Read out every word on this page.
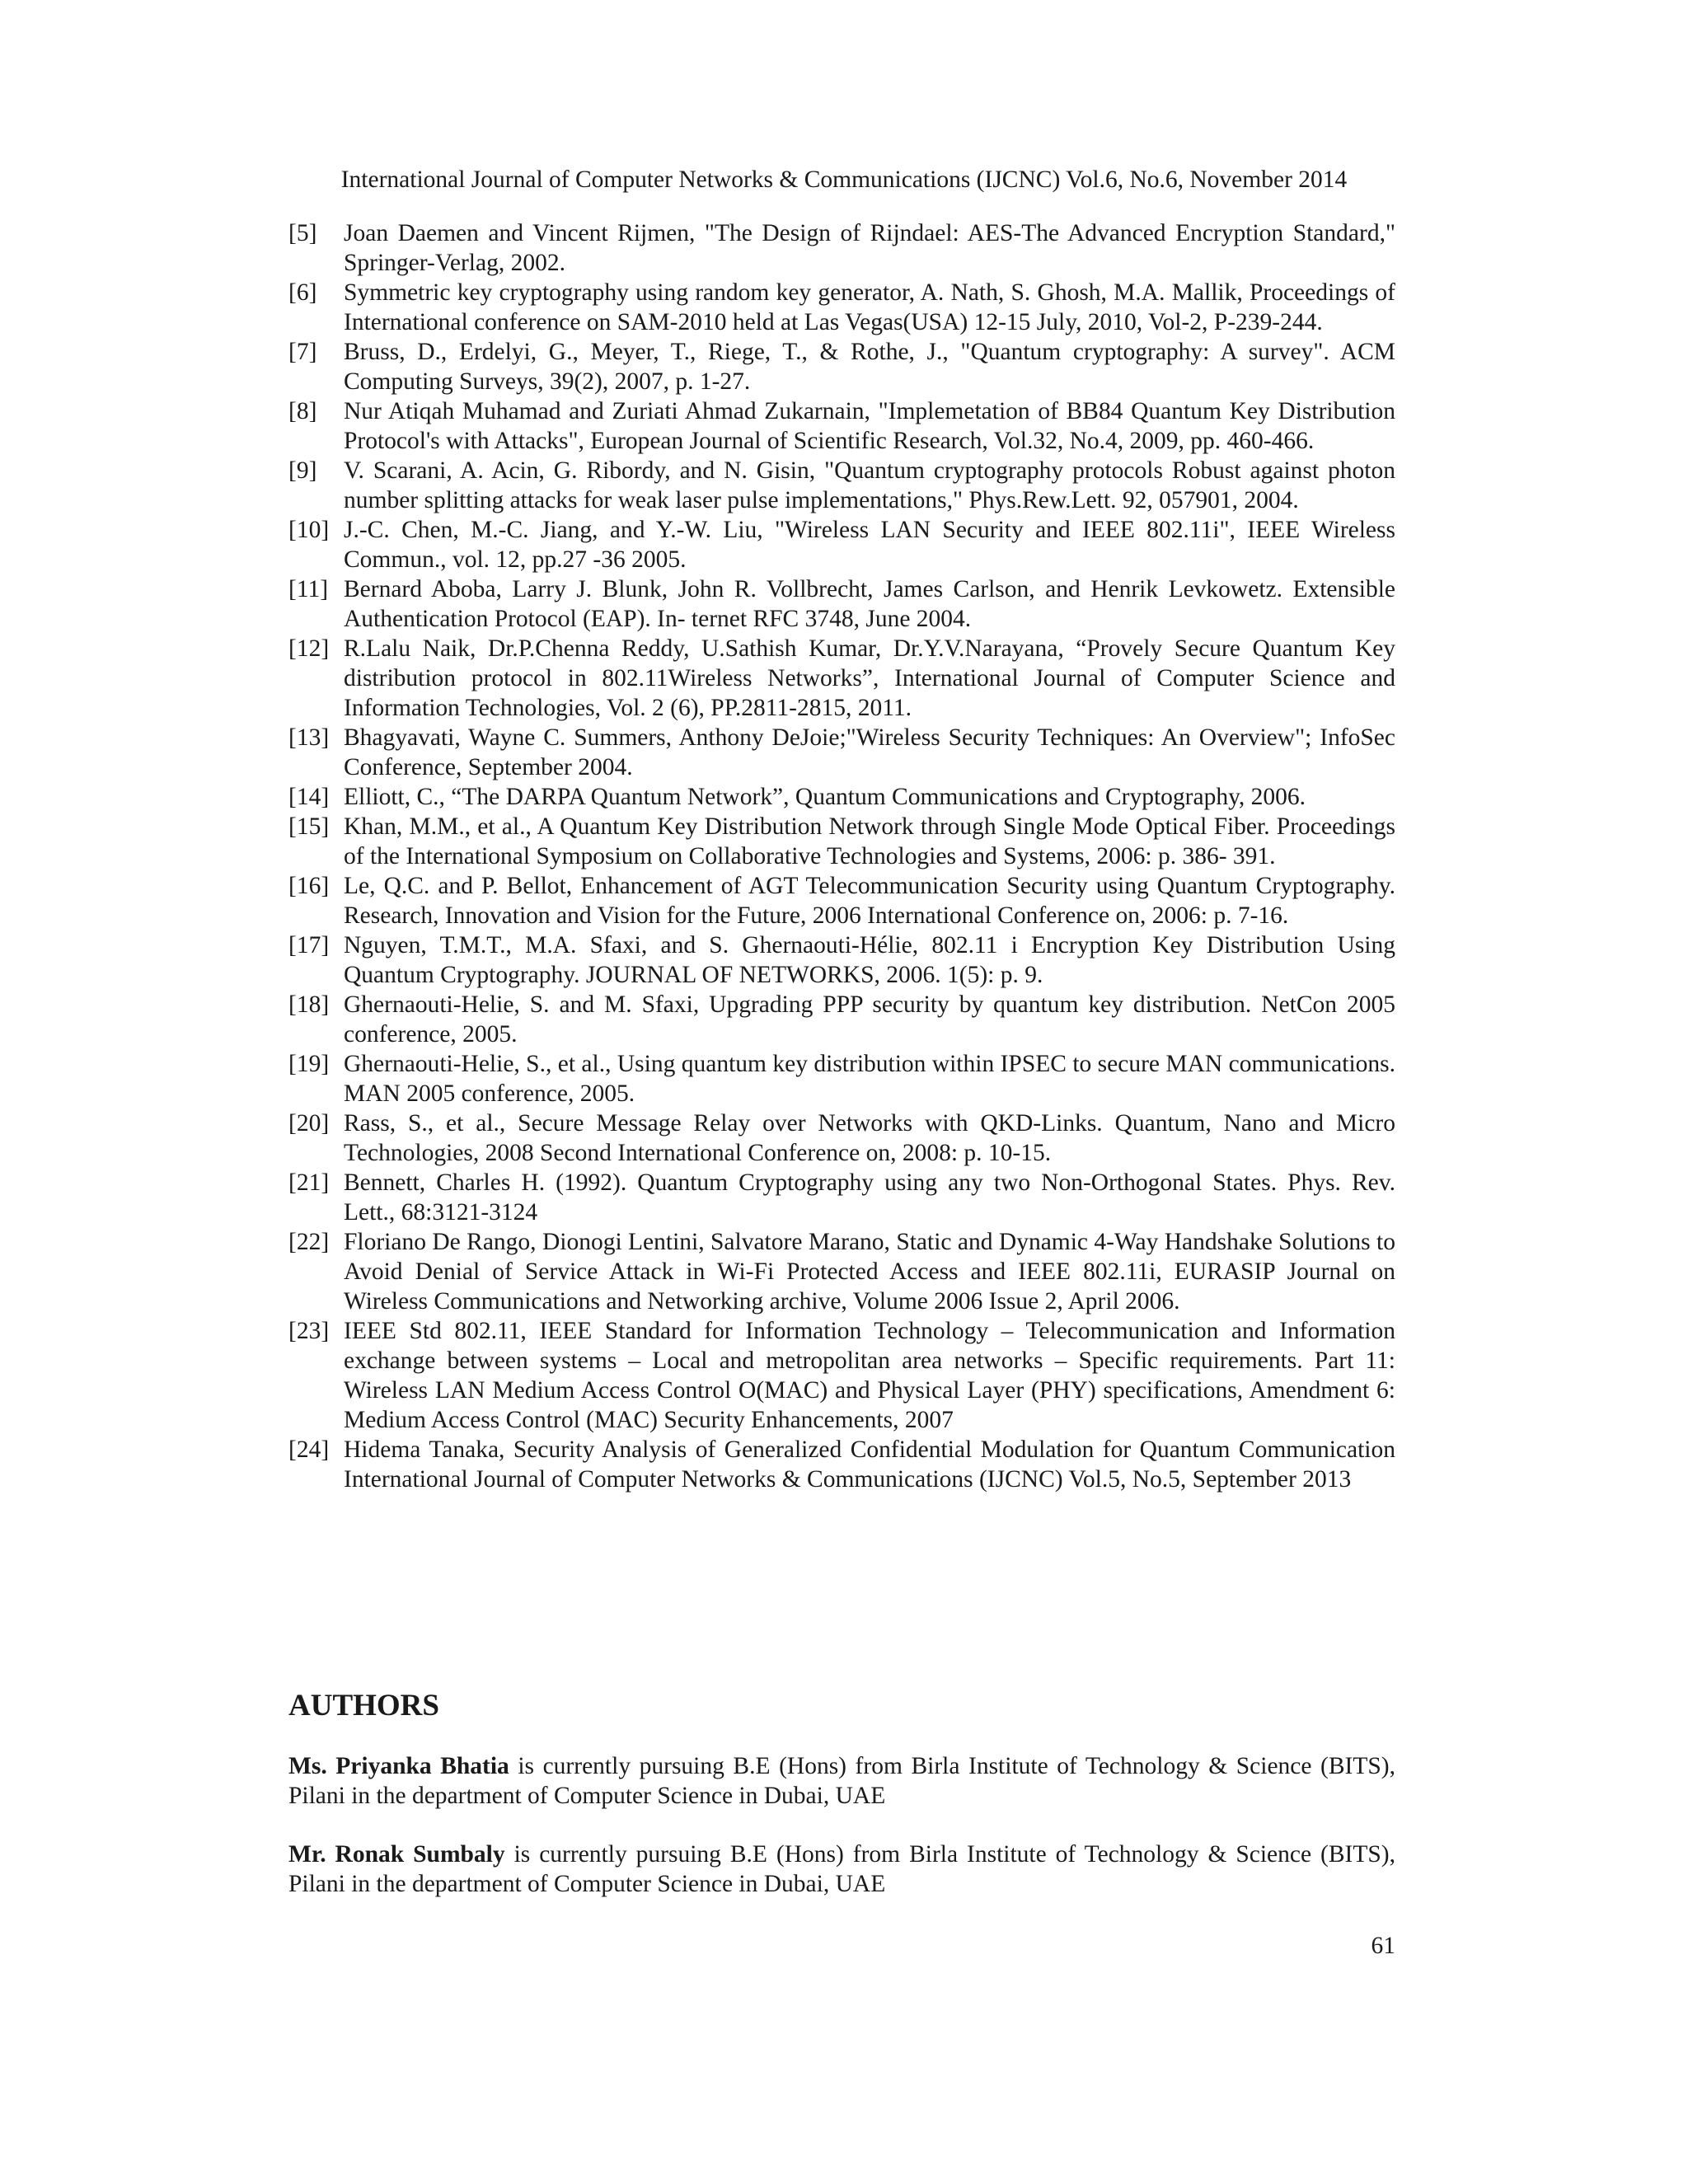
International Journal of Computer Networks & Communications (IJCNC) Vol.6, No.6, November 2014
[5] Joan Daemen and Vincent Rijmen, "The Design of Rijndael: AES-The Advanced Encryption Standard," Springer-Verlag, 2002.
[6] Symmetric key cryptography using random key generator, A. Nath, S. Ghosh, M.A. Mallik, Proceedings of International conference on SAM-2010 held at Las Vegas(USA) 12-15 July, 2010, Vol-2, P-239-244.
[7] Bruss, D., Erdelyi, G., Meyer, T., Riege, T., & Rothe, J., "Quantum cryptography: A survey". ACM Computing Surveys, 39(2), 2007, p. 1-27.
[8] Nur Atiqah Muhamad and Zuriati Ahmad Zukarnain, "Implemetation of BB84 Quantum Key Distribution Protocol's with Attacks", European Journal of Scientific Research, Vol.32, No.4, 2009, pp. 460-466.
[9] V. Scarani, A. Acin, G. Ribordy, and N. Gisin, "Quantum cryptography protocols Robust against photon number splitting attacks for weak laser pulse implementations," Phys.Rew.Lett. 92, 057901, 2004.
[10] J.-C. Chen, M.-C. Jiang, and Y.-W. Liu, "Wireless LAN Security and IEEE 802.11i", IEEE Wireless Commun., vol. 12, pp.27 -36 2005.
[11] Bernard Aboba, Larry J. Blunk, John R. Vollbrecht, James Carlson, and Henrik Levkowetz. Extensible Authentication Protocol (EAP). In- ternet RFC 3748, June 2004.
[12] R.Lalu Naik, Dr.P.Chenna Reddy, U.Sathish Kumar, Dr.Y.V.Narayana, “Provely Secure Quantum Key distribution protocol in 802.11Wireless Networks”, International Journal of Computer Science and Information Technologies, Vol. 2 (6), PP.2811-2815, 2011.
[13] Bhagyavati, Wayne C. Summers, Anthony DeJoie;"Wireless Security Techniques: An Overview"; InfoSec Conference, September 2004.
[14] Elliott, C., “The DARPA Quantum Network”, Quantum Communications and Cryptography, 2006.
[15] Khan, M.M., et al., A Quantum Key Distribution Network through Single Mode Optical Fiber. Proceedings of the International Symposium on Collaborative Technologies and Systems, 2006: p. 386- 391.
[16] Le, Q.C. and P. Bellot, Enhancement of AGT Telecommunication Security using Quantum Cryptography. Research, Innovation and Vision for the Future, 2006 International Conference on, 2006: p. 7-16.
[17] Nguyen, T.M.T., M.A. Sfaxi, and S. Ghernaouti-Hélie, 802.11 i Encryption Key Distribution Using Quantum Cryptography. JOURNAL OF NETWORKS, 2006. 1(5): p. 9.
[18] Ghernaouti-Helie, S. and M. Sfaxi, Upgrading PPP security by quantum key distribution. NetCon 2005 conference, 2005.
[19] Ghernaouti-Helie, S., et al., Using quantum key distribution within IPSEC to secure MAN communications. MAN 2005 conference, 2005.
[20] Rass, S., et al., Secure Message Relay over Networks with QKD-Links. Quantum, Nano and Micro Technologies, 2008 Second International Conference on, 2008: p. 10-15.
[21] Bennett, Charles H. (1992). Quantum Cryptography using any two Non-Orthogonal States. Phys. Rev. Lett., 68:3121-3124
[22] Floriano De Rango, Dionogi Lentini, Salvatore Marano, Static and Dynamic 4-Way Handshake Solutions to Avoid Denial of Service Attack in Wi-Fi Protected Access and IEEE 802.11i, EURASIP Journal on Wireless Communications and Networking archive, Volume 2006 Issue 2, April 2006.
[23] IEEE Std 802.11, IEEE Standard for Information Technology – Telecommunication and Information exchange between systems – Local and metropolitan area networks – Specific requirements. Part 11: Wireless LAN Medium Access Control O(MAC) and Physical Layer (PHY) specifications, Amendment 6: Medium Access Control (MAC) Security Enhancements, 2007
[24] Hidema Tanaka, Security Analysis of Generalized Confidential Modulation for Quantum Communication International Journal of Computer Networks & Communications (IJCNC) Vol.5, No.5, September 2013
AUTHORS

Ms. Priyanka Bhatia is currently pursuing B.E (Hons) from Birla Institute of Technology & Science (BITS), Pilani in the department of Computer Science in Dubai, UAE

Mr. Ronak Sumbaly is currently pursuing B.E (Hons) from Birla Institute of Technology & Science (BITS), Pilani in the department of Computer Science in Dubai, UAE

61
